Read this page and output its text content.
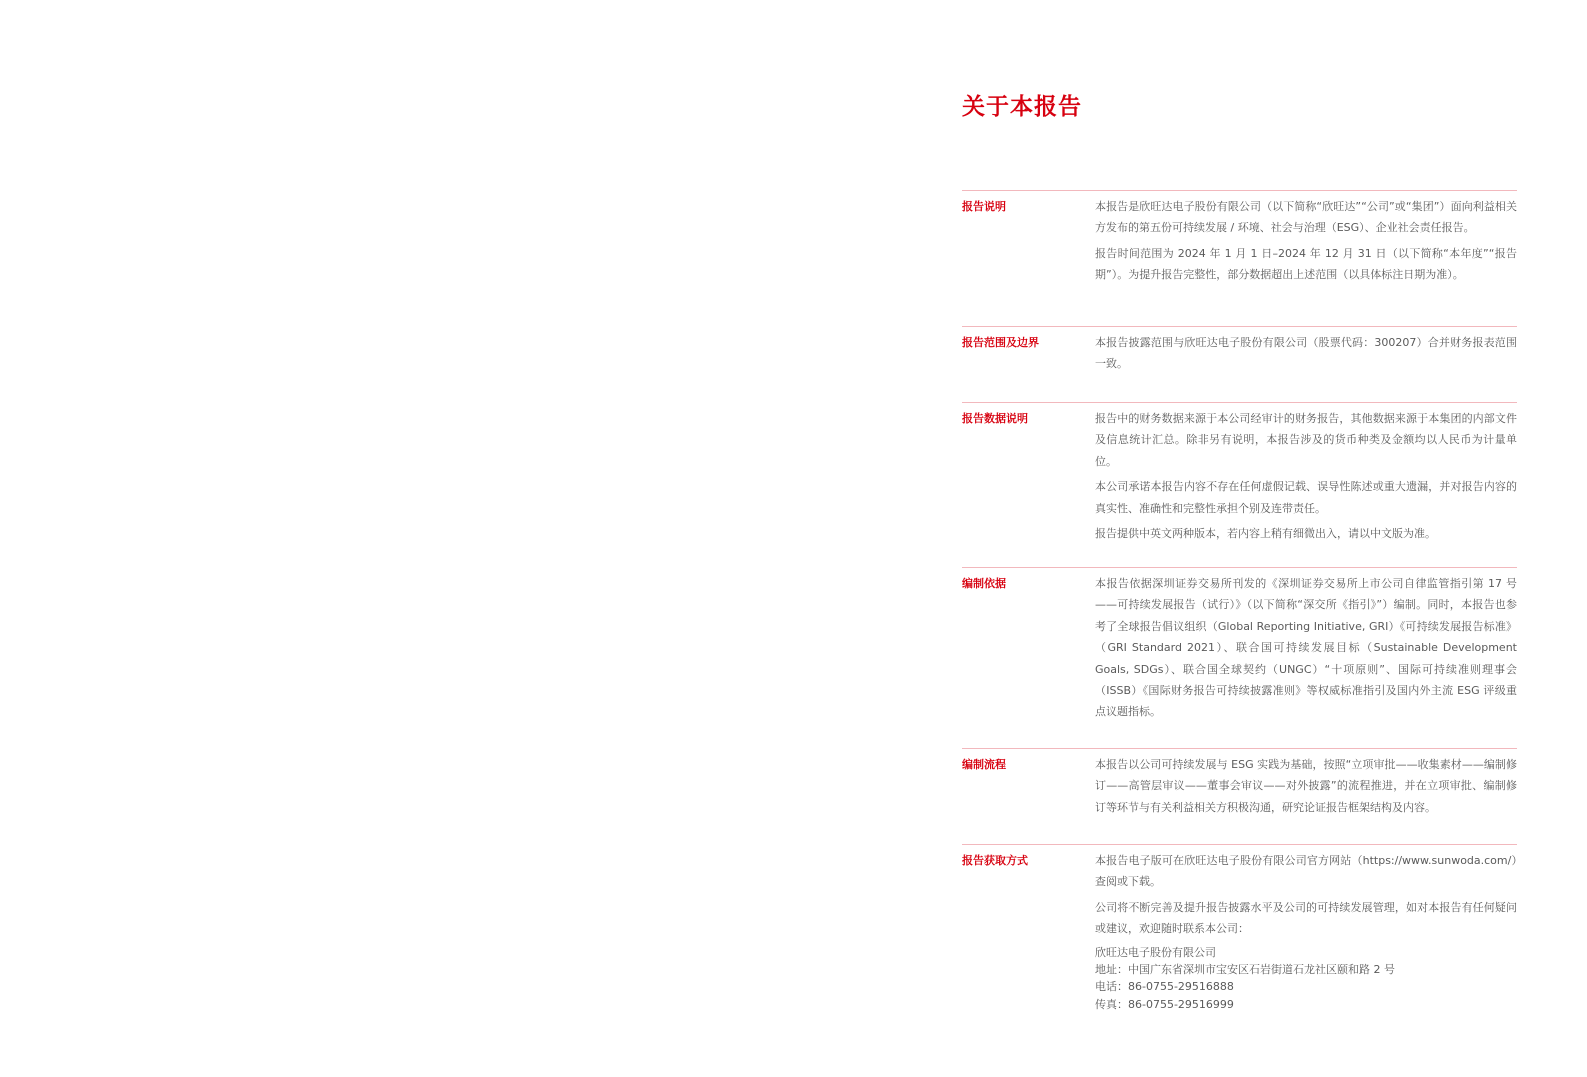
关于本报告
报告说明	本报告是欣旺达电子股份有限公司（以下简称“欣旺达”“公司”或“集团”）面向利益相关方发布的第五份可持续发展 / 环境、社会与治理（ESG）、企业社会责任报告。

报告时间范围为 2024 年 1 月 1 日–2024 年 12 月 31 日（以下简称“本年度”“报告期”）。为提升报告完整性，部分数据超出上述范围（以具体标注日期为准）。

报告范围及边界	本报告披露范围与欣旺达电子股份有限公司（股票代码：300207）合并财务报表范围一致。

报告数据说明	报告中的财务数据来源于本公司经审计的财务报告，其他数据来源于本集团的内部文件及信息统计汇总。除非另有说明，本报告涉及的货币种类及金额均以人民币为计量单位。

本公司承诺本报告内容不存在任何虚假记载、误导性陈述或重大遗漏，并对报告内容的真实性、准确性和完整性承担个别及连带责任。

报告提供中英文两种版本，若内容上稍有细微出入，请以中文版为准。

编制依据	本报告依据深圳证券交易所刊发的《深圳证券交易所上市公司自律监管指引第 17 号——可持续发展报告（试行）》（以下简称“深交所《指引》”）编制。同时，本报告也参考了全球报告倡议组织（Global Reporting Initiative, GRI）《可持续发展报告标准》（GRI Standard 2021）、联合国可持续发展目标（Sustainable Development Goals, SDGs）、联合国全球契约（UNGC）“十项原则”、国际可持续准则理事会（ISSB）《国际财务报告可持续披露准则》等权威标准指引及国内外主流 ESG 评级重点议题指标。

编制流程	本报告以公司可持续发展与 ESG 实践为基础，按照“立项审批——收集素材——编制修订——高管层审议——董事会审议——对外披露”的流程推进，并在立项审批、编制修订等环节与有关利益相关方积极沟通，研究论证报告框架结构及内容。

报告获取方式	本报告电子版可在欣旺达电子股份有限公司官方网站（https://www.sunwoda.com/）查阅或下载。

公司将不断完善及提升报告披露水平及公司的可持续发展管理，如对本报告有任何疑问或建议，欢迎随时联系本公司：

欣旺达电子股份有限公司

地址：中国广东省深圳市宝安区石岩街道石龙社区颐和路 2 号

电话：86-0755-29516888

传真：86-0755-29516999
